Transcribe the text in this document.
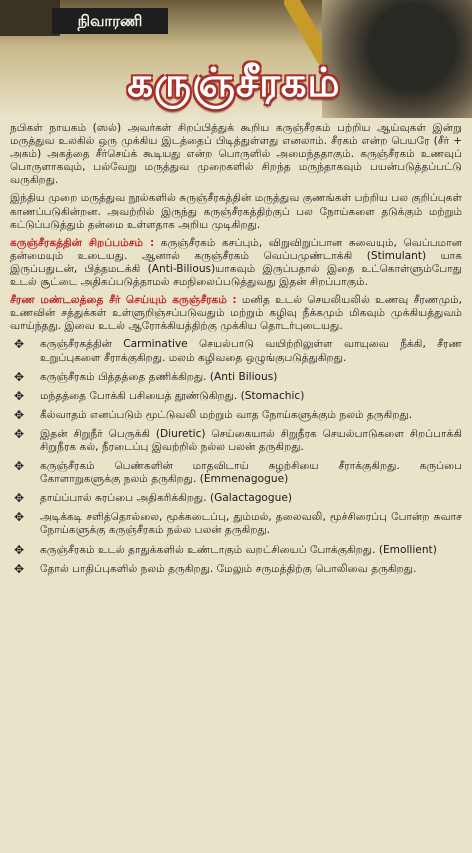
நிவாரணி
கருஞ்சீரகம்

நபிகள் நாயகம் (ஸல்) அவர்கள் சிறப்பித்துக் கூறிய கருஞ்சீரகம் பற்றிய ஆய்வுகள் இன்று மருத்துவ உலகில் ஒரு முக்கிய இடத்தைப் பிடித்துள்ளது எனலாம். சீரகம் என்ற பெயரே (சீர் + அகம்) அகத்தை சீர்செய்க் கூடியது என்ற பொருளில் அமைந்ததாகும். கருஞ்சீரகம் உணவுப் பொருளாகவும், பல்வேறு மருத்துவ முறைகளில் சிறந்த மருந்தாகவும் பயன்படுத்தப்பட்டு வருகிறது.

இந்திய முறை மருத்துவ நூல்களில் சுருஞ்சீரகத்தின் மருத்துவ குணங்கள் பற்றிய பல குறிப்புகள் காணப்படுகின்றன. அவற்றில் இருந்து கருஞ்சீரகத்திற்குப் பல நோய்களை தடுக்கும் மற்றும் கட்டுப்படுத்தும் தன்மை உள்ளதாக அறிய முடிகிறது.

கருஞ்சீரகத்தின் சிறப்பம்சம் : கருஞ்சீரகம் கசப்பும், விறுவிறுப்பான சுவையும், வெப்பமான தன்மையும் உடையது. ஆனால் கருஞ்சீரகம் வெப்பமுண்டாக்கி (Stimulant) யாக இருப்பதுடன், பித்தமடக்கி (Anti-Bilious)யாகவும் இருப்பதால் இதை உட்கொள்ளும்போது உடல் சூட்டை அதிகப்படுத்தாமல் சமநிலைப்படுத்துவது இதன் சிறப்பாகும்.

சீரண மண்டலத்தை சீர் செய்யும் கருஞ்சீரகம் : மனித உடல் செயலியலில் உணவு சீரணமும், உணவின் சத்துக்கள் உள்ளுறிஞ்சப்படுவதும் மற்றும் கழிவு நீக்கமும் மிகவும் முக்கியத்துவம் வாய்ந்தது. இவை உடல் ஆரோக்கியத்திற்கு முக்கிய தொடர்புடையது.

✥	கருஞ்சீரகத்தின் Carminative செயல்பாடு வயிற்றிலுள்ள வாயுவை நீக்கி, சீரண உறுப்புகளை சீராக்குகிறது. மலம் கழிவதை ஒழுங்குபடுத்துகிறது.
✥	கருஞ்சீரகம் பித்தத்தை தணிக்கிறது. (Anti Bilious)
✥	மந்தத்தை போக்கி பசியைத் தூண்டுகிறது. (Stomachic)
✥	கீல்வாதம் எனப்படும் மூட்டுவலி மற்றும் வாத நோய்களுக்கும் நலம் தருகிறது.
✥	இதன் சிறுநீர் பெருக்கி (Diuretic) செய்கையால் சிறுநீரக செயல்பாடுகளை சிறப்பாக்கி சிறுநீரக கல், நீரடைப்பு இவற்றில் நல்ல பலன் தருகிறது.
✥	கருஞ்சீரகம் பெண்களின் மாதவிடாய் சுழற்சியை சீராக்குகிறது. கருப்பை கோளாறுகளுக்கு நலம் தருகிறது. (Emmenagogue)
✥	தாய்ப்பால் சுரப்பை அதிகரிக்கிறது. (Galactagogue)
✥	அடிக்கடி சளித்தொல்லை, மூக்கடைப்பு, தும்மல், தலைவலி, மூச்சிரைப்பு போன்ற சுவாச நோய்களுக்கு கருஞ்சீரகம் நல்ல பலன் தருகிறது.
✥	கருஞ்சீரகம் உடல் தாதுக்களில் உண்டாகும் வறட்சியைப் போக்குகிறது. (Emollient)
✥	தோல் பாதிப்புகளில் நலம் தருகிறது. மேலும் சருமத்திற்கு பொலிவை தருகிறது.
